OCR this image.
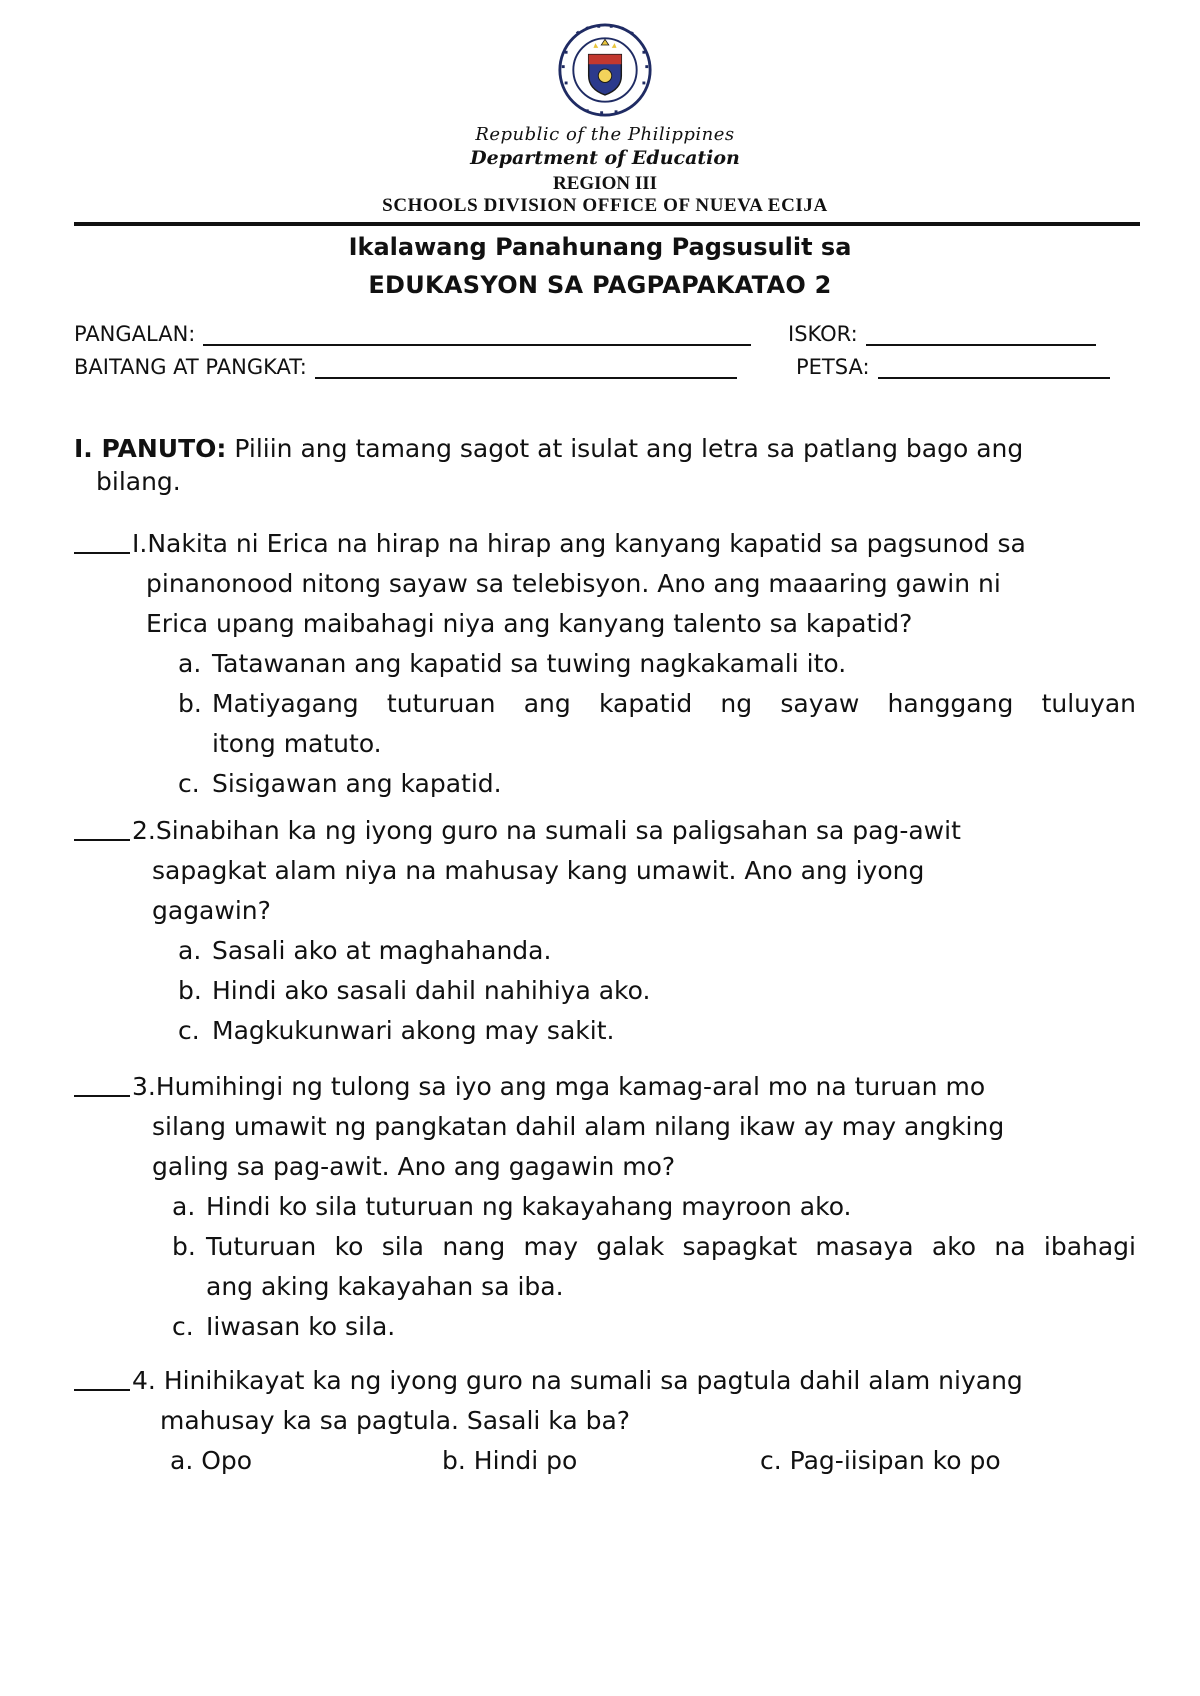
Republic of the Philippines
Department of Education
REGION III
SCHOOLS DIVISION OFFICE OF NUEVA ECIJA
Ikalawang Panahunang Pagsusulit sa
EDUKASYON SA PAGPAPAKATAO 2
PANGALAN:	ISKOR:
BAITANG AT PANGKAT:	PETSA:
I. PANUTO: Piliin ang tamang sagot at isulat ang letra sa patlang bago ang
bilang.
I.Nakita ni Erica na hirap na hirap ang kanyang kapatid sa pagsunod sa
pinanonood nitong sayaw sa telebisyon. Ano ang maaaring gawin ni
Erica upang maibahagi niya ang kanyang talento sa kapatid?
a. Tatawanan ang kapatid sa tuwing nagkakamali ito.
b. Matiyagang tuturuan ang kapatid ng sayaw hanggang tuluyan
itong matuto.
c. Sisigawan ang kapatid.
2.Sinabihan ka ng iyong guro na sumali sa paligsahan sa pag-awit
sapagkat alam niya na mahusay kang umawit. Ano ang iyong
gagawin?
a. Sasali ako at maghahanda.
b. Hindi ako sasali dahil nahihiya ako.
c. Magkukunwari akong may sakit.
3.Humihingi ng tulong sa iyo ang mga kamag-aral mo na turuan mo
silang umawit ng pangkatan dahil alam nilang ikaw ay may angking
galing sa pag-awit. Ano ang gagawin mo?
a. Hindi ko sila tuturuan ng kakayahang mayroon ako.
b. Tuturuan ko sila nang may galak sapagkat masaya ako na ibahagi
ang aking kakayahan sa iba.
c. Iiwasan ko sila.
4. Hinihikayat ka ng iyong guro na sumali sa pagtula dahil alam niyang
mahusay ka sa pagtula. Sasali ka ba?
a. Opo	b. Hindi po	c. Pag-iisipan ko po
